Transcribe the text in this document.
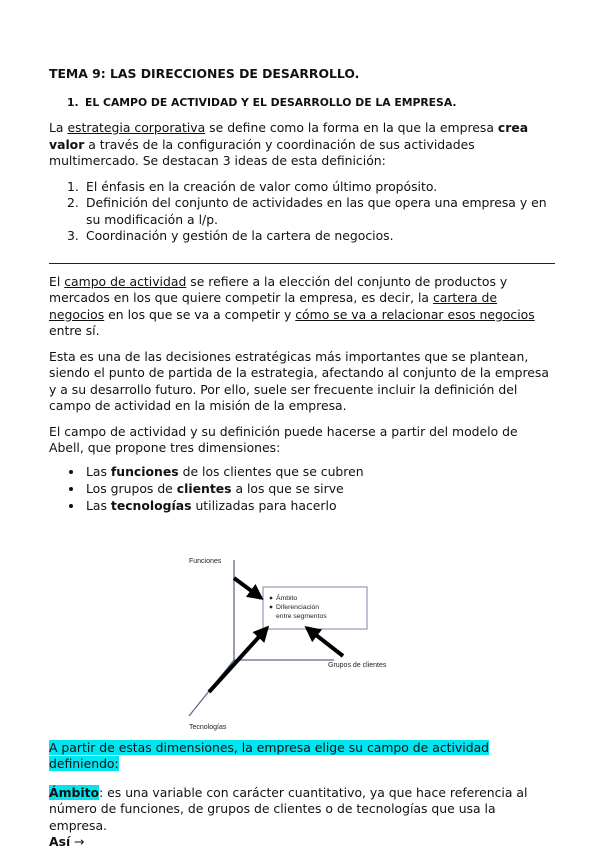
TEMA 9: LAS DIRECCIONES DE DESARROLLO.

1. EL CAMPO DE ACTIVIDAD Y EL DESARROLLO DE LA EMPRESA.

La estrategia corporativa se define como la forma en la que la empresa crea valor a través de la configuración y coordinación de sus actividades multimercado. Se destacan 3 ideas de esta definición:

1. El énfasis en la creación de valor como último propósito.
2. Definición del conjunto de actividades en las que opera una empresa y en su modificación a l/p.
3. Coordinación y gestión de la cartera de negocios.

El campo de actividad se refiere a la elección del conjunto de productos y mercados en los que quiere competir la empresa, es decir, la cartera de negocios en los que se va a competir y cómo se va a relacionar esos negocios entre sí.

Esta es una de las decisiones estratégicas más importantes que se plantean, siendo el punto de partida de la estrategia, afectando al conjunto de la empresa y a su desarrollo futuro. Por ello, suele ser frecuente incluir la definición del campo de actividad en la misión de la empresa.

El campo de actividad y su definición puede hacerse a partir del modelo de Abell, que propone tres dimensiones:

Las funciones de los clientes que se cubren
Los grupos de clientes a los que se sirve
Las tecnologías utilizadas para hacerlo
Funciones
Grupos de clientes
Tecnologías
Ámbito
Diferenciación
entre segmentos

A partir de estas dimensiones, la empresa elige su campo de actividad definiendo:

Ámbito: es una variable con carácter cuantitativo, ya que hace referencia al número de funciones, de grupos de clientes o de tecnologías que usa la empresa.
Así →
